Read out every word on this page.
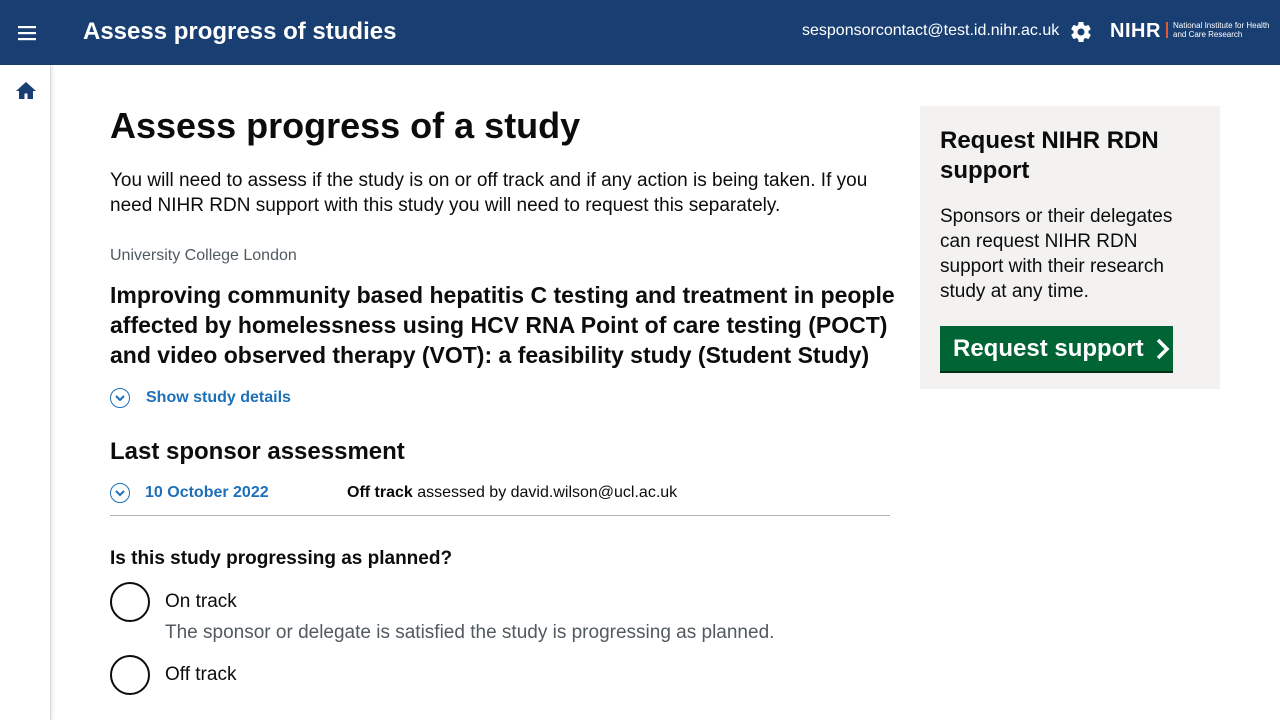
Assess progress of studies	sesponsorcontact@test.id.nihr.ac.uk	NIHR National Institute for Health and Care Research
Assess progress of a study

You will need to assess if the study is on or off track and if any action is being taken. If you need NIHR RDN support with this study you will need to request this separately.

University College London
Improving community based hepatitis C testing and treatment in people affected by homelessness using HCV RNA Point of care testing (POCT) and video observed therapy (VOT): a feasibility study (Student Study)
Show study details
Last sponsor assessment
10 October 2022	Off track assessed by david.wilson@ucl.ac.uk
Is this study progressing as planned?
On track
The sponsor or delegate is satisfied the study is progressing as planned.
Off track
Request NIHR RDN support

Sponsors or their delegates can request NIHR RDN support with their research study at any time.

Request support
